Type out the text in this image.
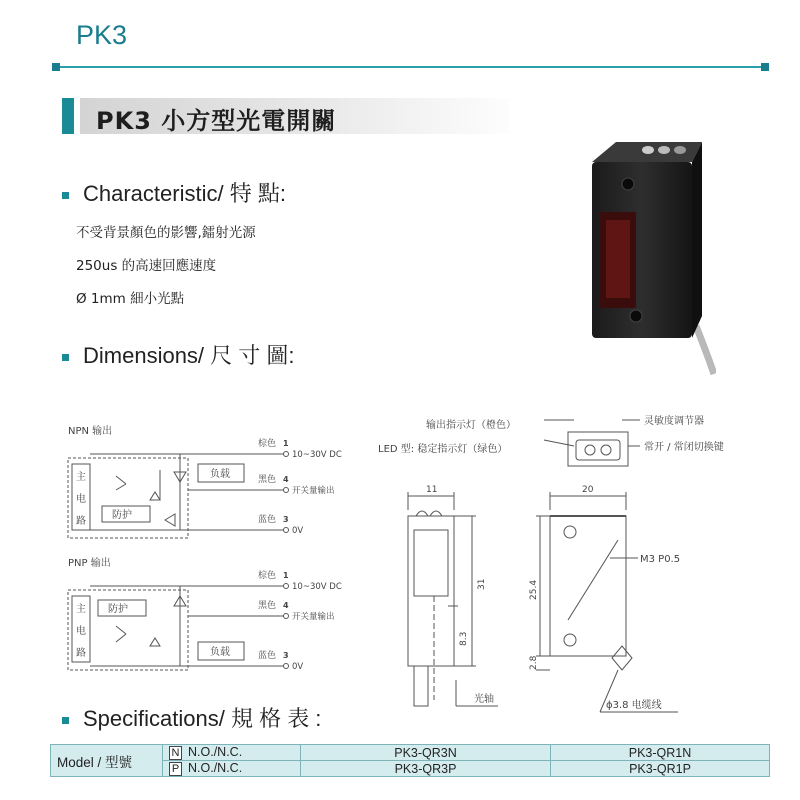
PK3
PK3 小方型光電開關
Characteristic/ 特 點:
不受背景顏色的影響,鐳射光源
250us 的高速回應速度
Ø 1mm 細小光點
Dimensions/ 尺 寸 圖:
NPN 输出
主
电
路
防护
负载
棕色
黑色
蓝色
1
4
3
10~30V DC
开关量输出
0V
PNP 输出
主
电
路
防护
负载
棕色
黑色
蓝色
1
4
3
10~30V DC
开关量输出
0V
输出指示灯（橙色）
LED 型: 稳定指示灯（绿色）
灵敏度调节器
常开 / 常闭切换键
11	20
31
8.3
25.4
2.8
M3 P0.5
光轴
ϕ3.8 电缆线
Specifications/ 規 格 表 :
Model / 型號	N N.O./N.C.	PK3-QR3N	PK3-QR1N
	P N.O./N.C.	PK3-QR3P	PK3-QR1P
